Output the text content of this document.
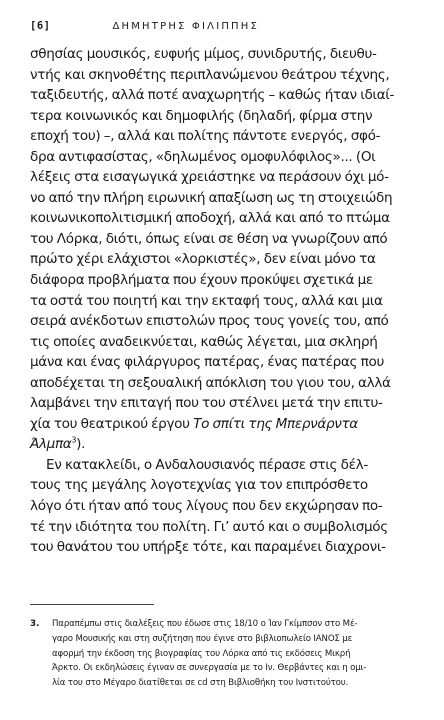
[6]	ΔΗΜΗΤΡΗΣ ΦΙΛΙΠΠΗΣ
σθησίας μουσικός, ευφυής μίμος, συνιδρυτής, διευθυ-
ντής και σκηνοθέτης περιπλανώμενου θεάτρου τέχνης,
ταξιδευτής, αλλά ποτέ αναχωρητής – καθώς ήταν ιδιαί-
τερα κοινωνικός και δημοφιλής (δηλαδή, φίρμα στην
εποχή του) –, αλλά και πολίτης πάντοτε ενεργός, σφό-
δρα αντιφασίστας, «δηλωμένος ομοφυλόφιλος»... (Οι
λέξεις στα εισαγωγικά χρειάστηκε να περάσουν όχι μό-
νο από την πλήρη ειρωνική απαξίωση ως τη στοιχειώδη
κοινωνικοπολιτισμική αποδοχή, αλλά και από το πτώμα
του Λόρκα, διότι, όπως είναι σε θέση να γνωρίζουν από
πρώτο χέρι ελάχιστοι «λορκιστές», δεν είναι μόνο τα
διάφορα προβλήματα που έχουν προκύψει σχετικά με
τα οστά του ποιητή και την εκταφή τους, αλλά και μια
σειρά ανέκδοτων επιστολών προς τους γονείς του, από
τις οποίες αναδεικνύεται, καθώς λέγεται, μια σκληρή
μάνα και ένας φιλάργυρος πατέρας, ένας πατέρας που
αποδέχεται τη σεξουαλική απόκλιση του γιου του, αλλά
λαμβάνει την επιταγή που του στέλνει μετά την επιτυ-
χία του θεατρικού έργου Το σπίτι της Μπερνάρντα
Άλμπα$^3$).
Εν κατακλείδι, ο Ανδαλουσιανός πέρασε στις δέλ-
τους της μεγάλης λογοτεχνίας για τον επιπρόσθετο
λόγο ότι ήταν από τους λίγους που δεν εκχώρησαν πο-
τέ την ιδιότητα του πολίτη. Γι’ αυτό και ο συμβολισμός
του θανάτου του υπήρξε τότε, και παραμένει διαχρονι-
3. Παραπέμπω στις διαλέξεις που έδωσε στις 18/10 ο Ίαν Γκίμπσον στο Μέ-
γαρο Μουσικής και στη συζήτηση που έγινε στο βιβλιοπωλείο ΙΑΝΟΣ με
αφορμή την έκδοση της βιογραφίας του Λόρκα από τις εκδόσεις Μικρή
Άρκτο. Οι εκδηλώσεις έγιναν σε συνεργασία με το Ιν. Θερβάντες και η ομι-
λία του στο Μέγαρο διατίθεται σε cd στη Βιβλιοθήκη του Ινστιτούτου.
